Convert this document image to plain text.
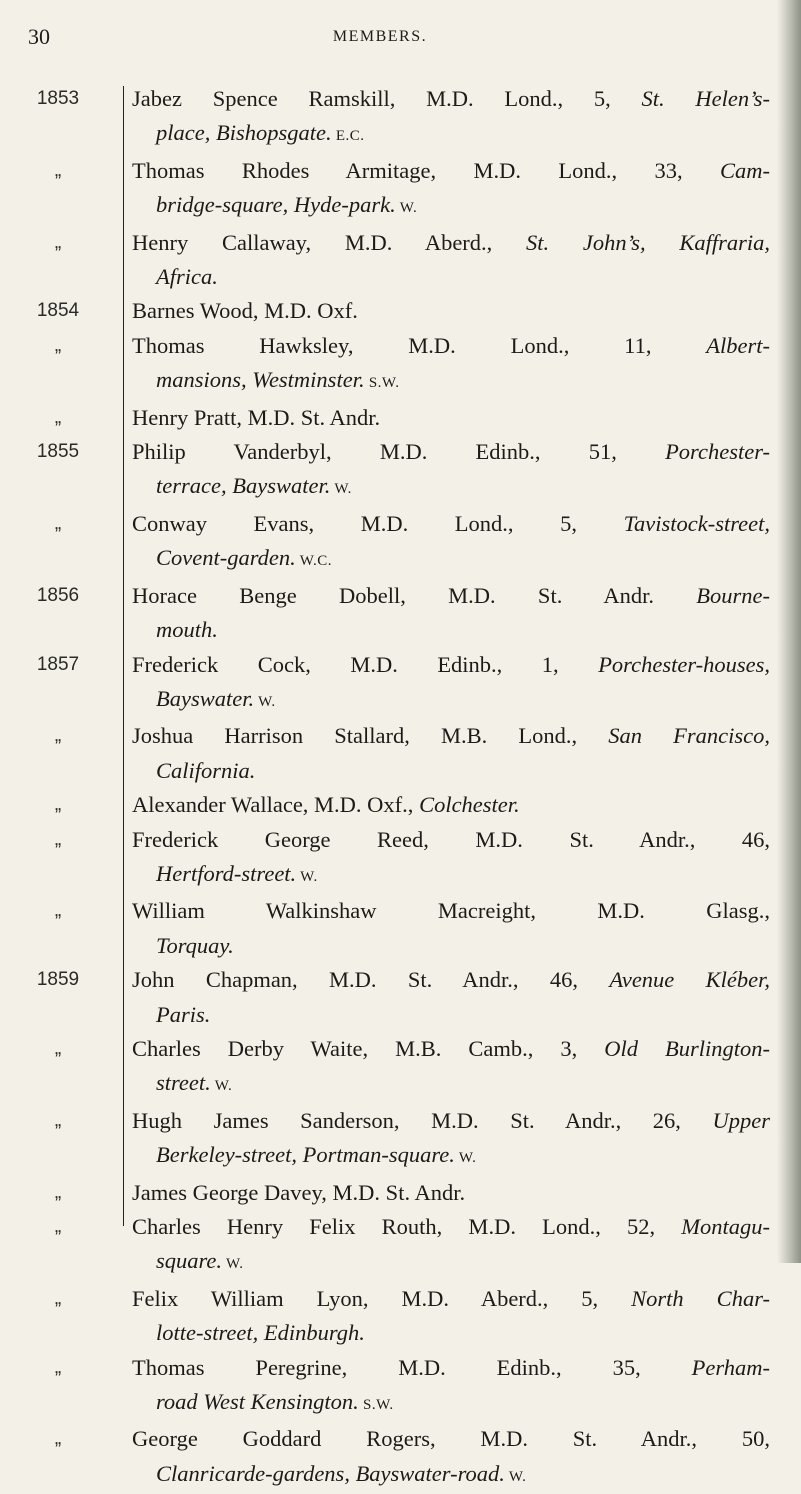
30	MEMBERS.
1853	Jabez Spence Ramskill, M.D. Lond., 5, St. Helen’s-
place, Bishopsgate. E.C.
„	Thomas Rhodes Armitage, M.D. Lond., 33, Cam-
bridge-square, Hyde-park. W.
„	Henry Callaway, M.D. Aberd., St. John’s, Kaffraria,
Africa.
1854	Barnes Wood, M.D. Oxf.
„	Thomas Hawksley, M.D. Lond., 11, Albert-
mansions, Westminster. S.W.
„	Henry Pratt, M.D. St. Andr.
1855	Philip Vanderbyl, M.D. Edinb., 51, Porchester-
terrace, Bayswater. W.
„	Conway Evans, M.D. Lond., 5, Tavistock-street,
Covent-garden. W.C.
1856	Horace Benge Dobell, M.D. St. Andr. Bourne-
mouth.
1857	Frederick Cock, M.D. Edinb., 1, Porchester-houses,
Bayswater. W.
„	Joshua Harrison Stallard, M.B. Lond., San Francisco,
California.
„	Alexander Wallace, M.D. Oxf., Colchester.
„	Frederick George Reed, M.D. St. Andr., 46,
Hertford-street. W.
„	William Walkinshaw Macreight, M.D. Glasg.,
Torquay.
1859	John Chapman, M.D. St. Andr., 46, Avenue Kléber,
Paris.
„	Charles Derby Waite, M.B. Camb., 3, Old Burlington-
street. W.
„	Hugh James Sanderson, M.D. St. Andr., 26, Upper
Berkeley-street, Portman-square. W.
„	James George Davey, M.D. St. Andr.
„	Charles Henry Felix Routh, M.D. Lond., 52, Montagu-
square. W.
„	Felix William Lyon, M.D. Aberd., 5, North Char-
lotte-street, Edinburgh.
„	Thomas Peregrine, M.D. Edinb., 35, Perham-
road West Kensington. S.W.
„	George Goddard Rogers, M.D. St. Andr., 50,
Clanricarde-gardens, Bayswater-road. W.
